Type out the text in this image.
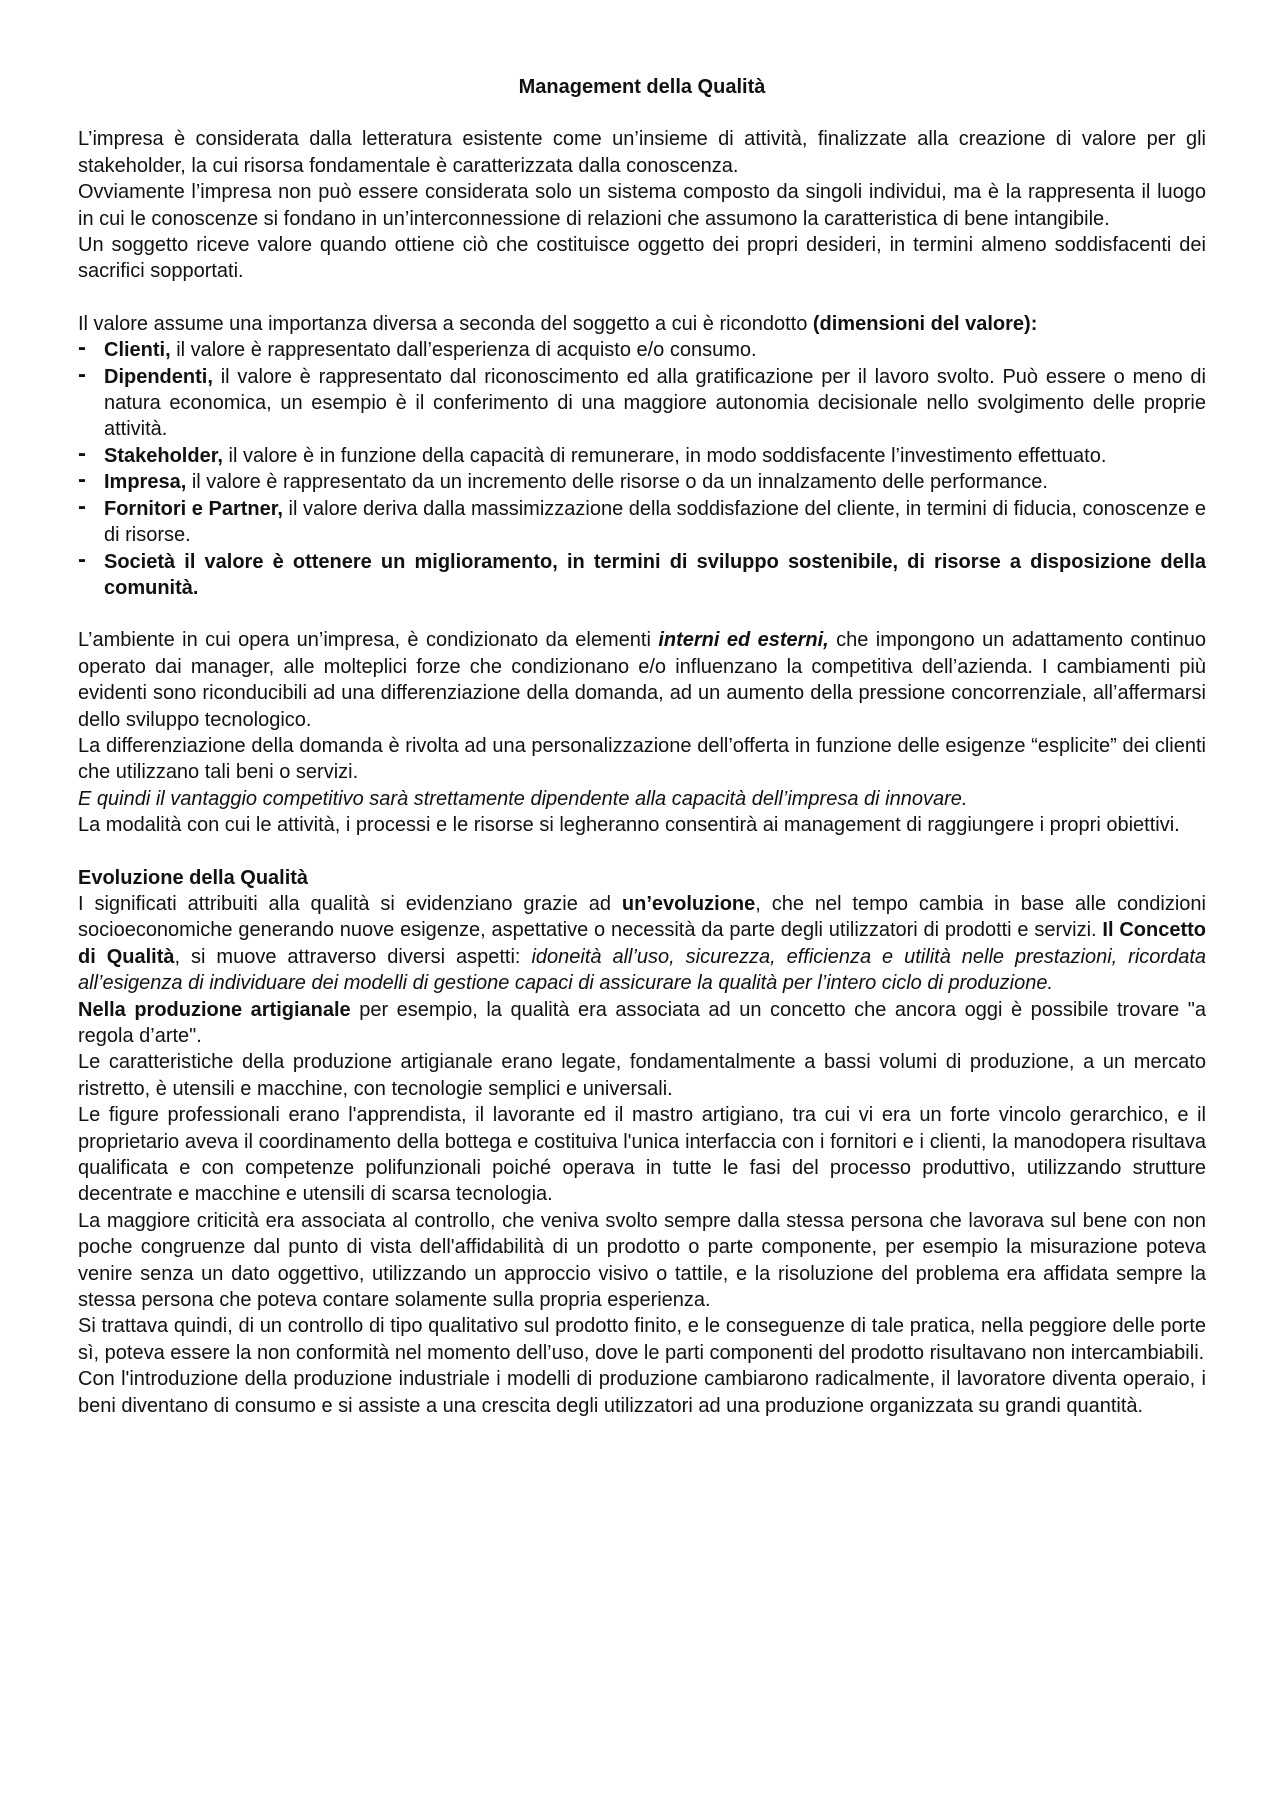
Management della Qualità

L’impresa è considerata dalla letteratura esistente come un’insieme di attività, finalizzate alla creazione di valore per gli stakeholder, la cui risorsa fondamentale è caratterizzata dalla conoscenza.

Ovviamente l’impresa non può essere considerata solo un sistema composto da singoli individui, ma è la rappresenta il luogo in cui le conoscenze si fondano in un’interconnessione di relazioni che assumono la caratteristica di bene intangibile.

Un soggetto riceve valore quando ottiene ciò che costituisce oggetto dei propri desideri, in termini almeno soddisfacenti dei sacrifici sopportati.

Il valore assume una importanza diversa a seconda del soggetto a cui è ricondotto (dimensioni del valore):

- Clienti, il valore è rappresentato dall’esperienza di acquisto e/o consumo.
- Dipendenti, il valore è rappresentato dal riconoscimento ed alla gratificazione per il lavoro svolto. Può essere o meno di natura economica, un esempio è il conferimento di una maggiore autonomia decisionale nello svolgimento delle proprie attività.
- Stakeholder, il valore è in funzione della capacità di remunerare, in modo soddisfacente l’investimento effettuato.
- Impresa, il valore è rappresentato da un incremento delle risorse o da un innalzamento delle performance.
- Fornitori e Partner, il valore deriva dalla massimizzazione della soddisfazione del cliente, in termini di fiducia, conoscenze e di risorse.
- Società il valore è ottenere un miglioramento, in termini di sviluppo sostenibile, di risorse a disposizione della comunità.

L’ambiente in cui opera un’impresa, è condizionato da elementi interni ed esterni, che impongono un adattamento continuo operato dai manager, alle molteplici forze che condizionano e/o influenzano la competitiva dell’azienda. I cambiamenti più evidenti sono riconducibili ad una differenziazione della domanda, ad un aumento della pressione concorrenziale, all’affermarsi dello sviluppo tecnologico.

La differenziazione della domanda è rivolta ad una personalizzazione dell’offerta in funzione delle esigenze “esplicite” dei clienti che utilizzano tali beni o servizi.

E quindi il vantaggio competitivo sarà strettamente dipendente alla capacità dell’impresa di innovare.

La modalità con cui le attività, i processi e le risorse si legheranno consentirà ai management di raggiungere i propri obiettivi.

Evoluzione della Qualità

I significati attribuiti alla qualità si evidenziano grazie ad un’evoluzione, che nel tempo cambia in base alle condizioni socioeconomiche generando nuove esigenze, aspettative o necessità da parte degli utilizzatori di prodotti e servizi. Il Concetto di Qualità, si muove attraverso diversi aspetti: idoneità all’uso, sicurezza, efficienza e utilità nelle prestazioni, ricordata all’esigenza di individuare dei modelli di gestione capaci di assicurare la qualità per l’intero ciclo di produzione.

Nella produzione artigianale per esempio, la qualità era associata ad un concetto che ancora oggi è possibile trovare "a regola d’arte".

Le caratteristiche della produzione artigianale erano legate, fondamentalmente a bassi volumi di produzione, a un mercato ristretto, è utensili e macchine, con tecnologie semplici e universali.

Le figure professionali erano l'apprendista, il lavorante ed il mastro artigiano, tra cui vi era un forte vincolo gerarchico, e il proprietario aveva il coordinamento della bottega e costituiva l'unica interfaccia con i fornitori e i clienti, la manodopera risultava qualificata e con competenze polifunzionali poiché operava in tutte le fasi del processo produttivo, utilizzando strutture decentrate e macchine e utensili di scarsa tecnologia.

La maggiore criticità era associata al controllo, che veniva svolto sempre dalla stessa persona che lavorava sul bene con non poche congruenze dal punto di vista dell'affidabilità di un prodotto o parte componente, per esempio la misurazione poteva venire senza un dato oggettivo, utilizzando un approccio visivo o tattile, e la risoluzione del problema era affidata sempre la stessa persona che poteva contare solamente sulla propria esperienza.

Si trattava quindi, di un controllo di tipo qualitativo sul prodotto finito, e le conseguenze di tale pratica, nella peggiore delle porte sì, poteva essere la non conformità nel momento dell’uso, dove le parti componenti del prodotto risultavano non intercambiabili.

Con l'introduzione della produzione industriale i modelli di produzione cambiarono radicalmente, il lavoratore diventa operaio, i beni diventano di consumo e si assiste a una crescita degli utilizzatori ad una produzione organizzata su grandi quantità.
